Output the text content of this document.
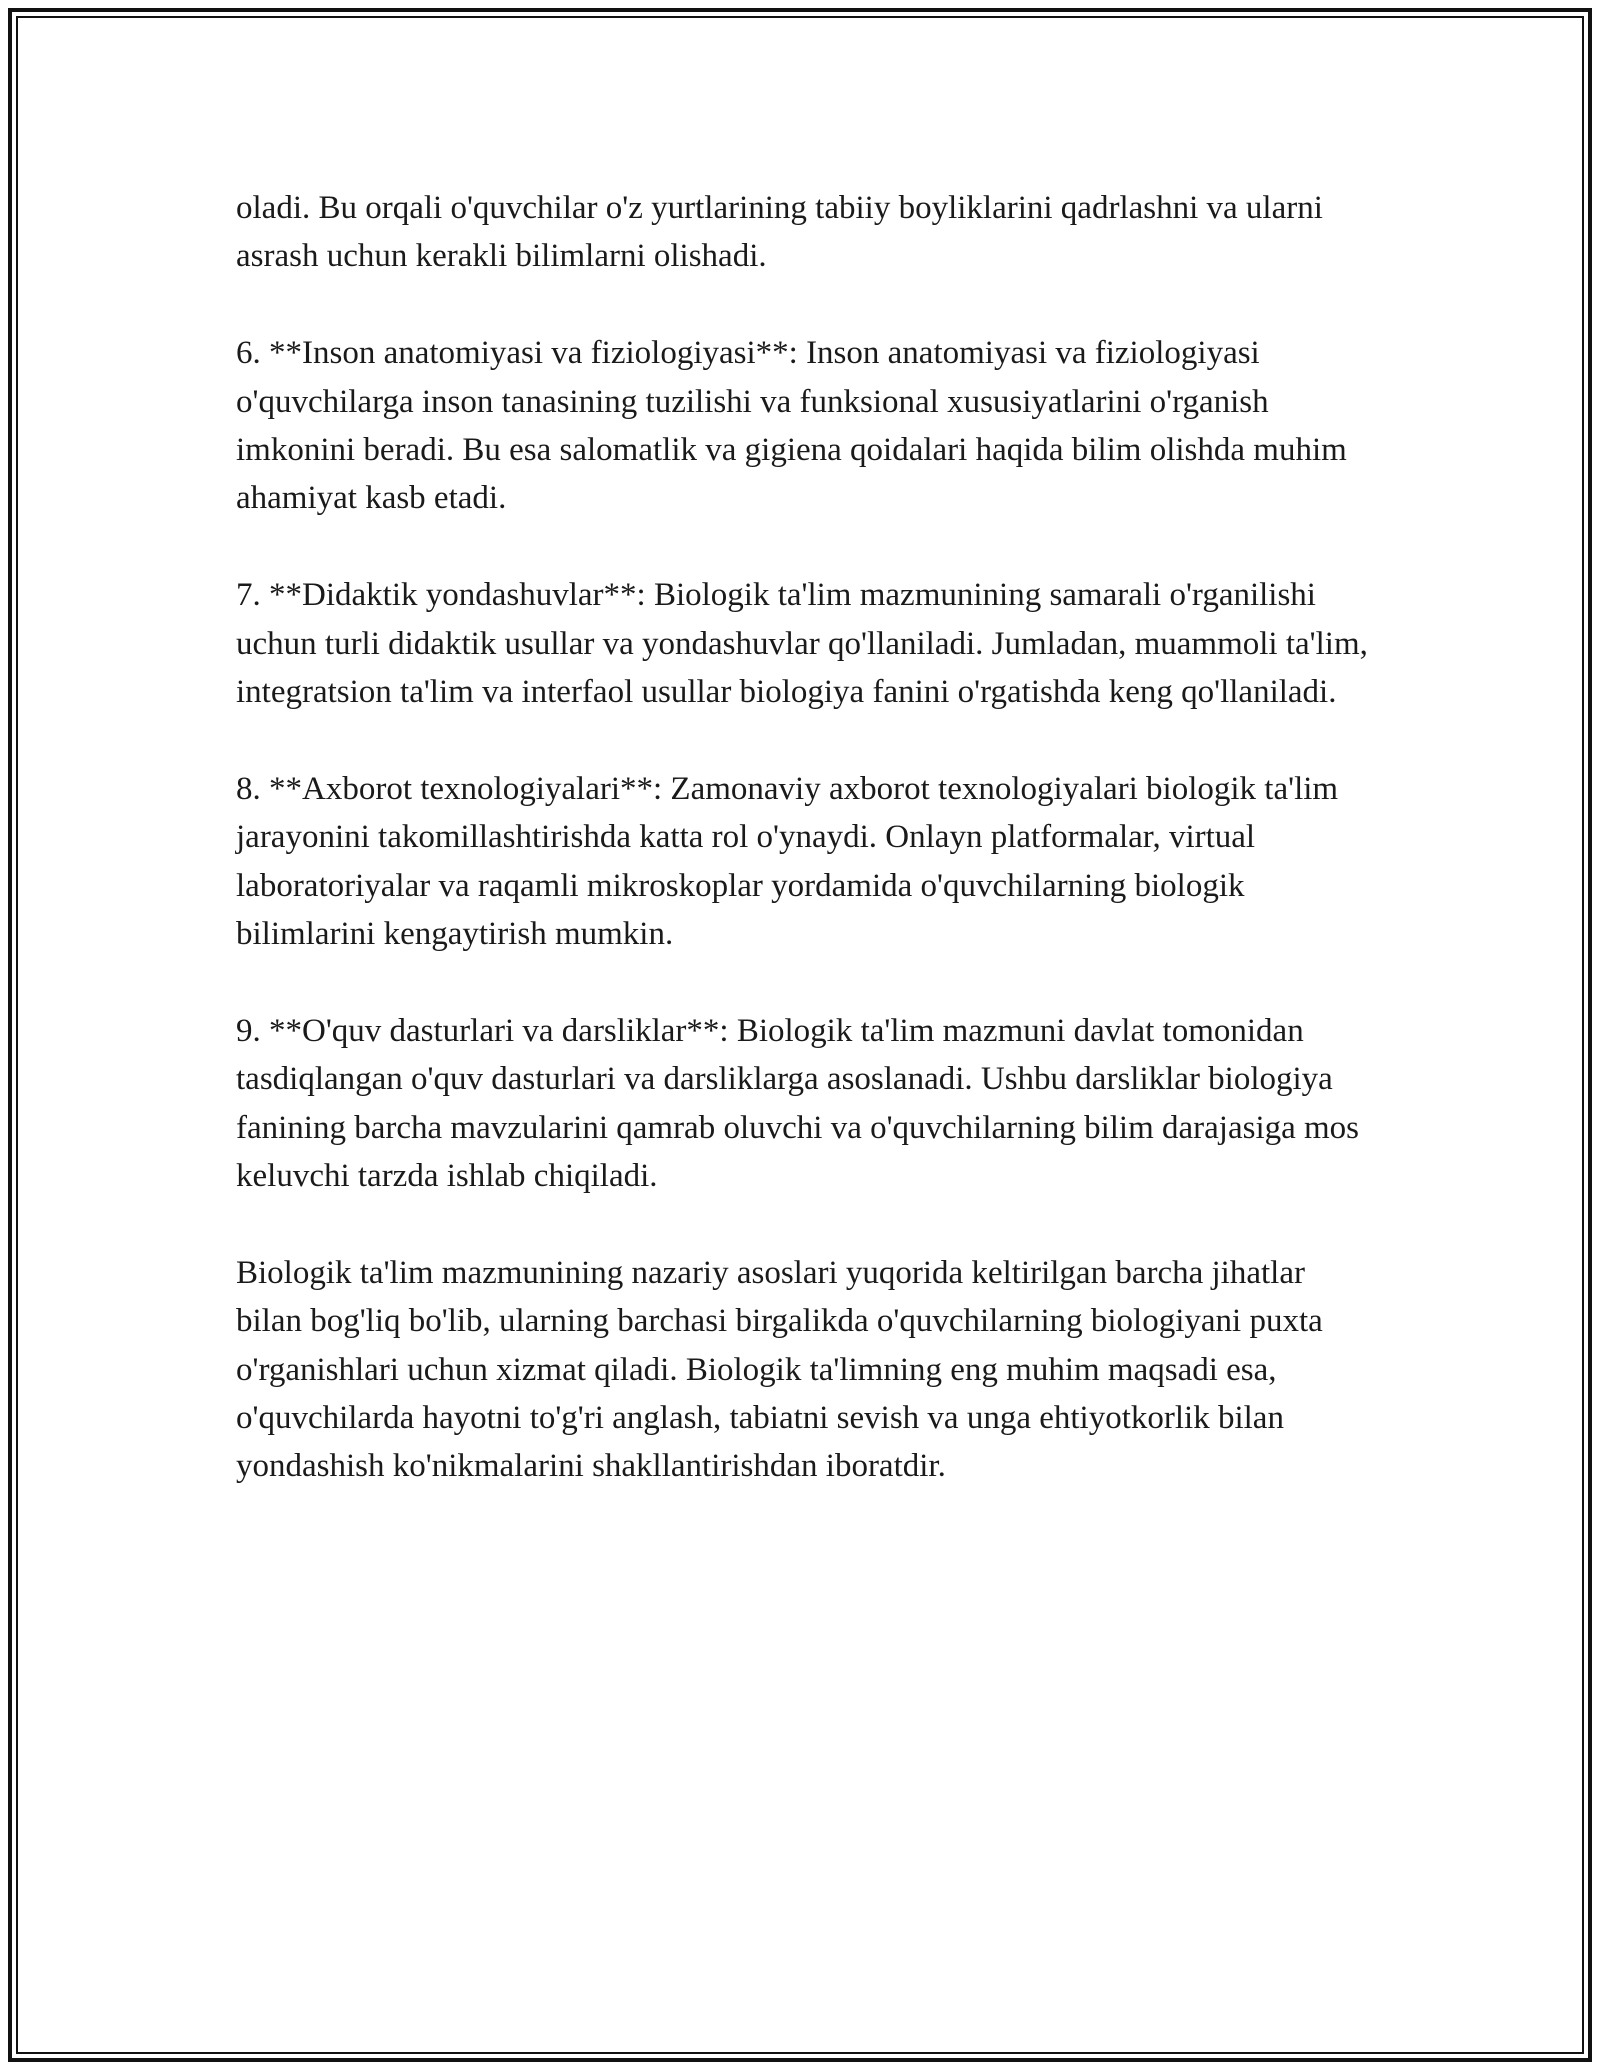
oladi. Bu orqali o'quvchilar o'z yurtlarining tabiiy boyliklarini qadrlashni va ularni asrash uchun kerakli bilimlarni olishadi.

6. **Inson anatomiyasi va fiziologiyasi**: Inson anatomiyasi va fiziologiyasi o'quvchilarga inson tanasining tuzilishi va funksional xususiyatlarini o'rganish imkonini beradi. Bu esa salomatlik va gigiena qoidalari haqida bilim olishda muhim ahamiyat kasb etadi.

7. **Didaktik yondashuvlar**: Biologik ta'lim mazmunining samarali o'rganilishi uchun turli didaktik usullar va yondashuvlar qo'llaniladi. Jumladan, muammoli ta'lim, integratsion ta'lim va interfaol usullar biologiya fanini o'rgatishda keng qo'llaniladi.

8. **Axborot texnologiyalari**: Zamonaviy axborot texnologiyalari biologik ta'lim jarayonini takomillashtirishda katta rol o'ynaydi. Onlayn platformalar, virtual laboratoriyalar va raqamli mikroskoplar yordamida o'quvchilarning biologik bilimlarini kengaytirish mumkin.

9. **O'quv dasturlari va darsliklar**: Biologik ta'lim mazmuni davlat tomonidan tasdiqlangan o'quv dasturlari va darsliklarga asoslanadi. Ushbu darsliklar biologiya fanining barcha mavzularini qamrab oluvchi va o'quvchilarning bilim darajasiga mos keluvchi tarzda ishlab chiqiladi.

Biologik ta'lim mazmunining nazariy asoslari yuqorida keltirilgan barcha jihatlar bilan bog'liq bo'lib, ularning barchasi birgalikda o'quvchilarning biologiyani puxta o'rganishlari uchun xizmat qiladi. Biologik ta'limning eng muhim maqsadi esa, o'quvchilarda hayotni to'g'ri anglash, tabiatni sevish va unga ehtiyotkorlik bilan yondashish ko'nikmalarini shakllantirishdan iboratdir.
